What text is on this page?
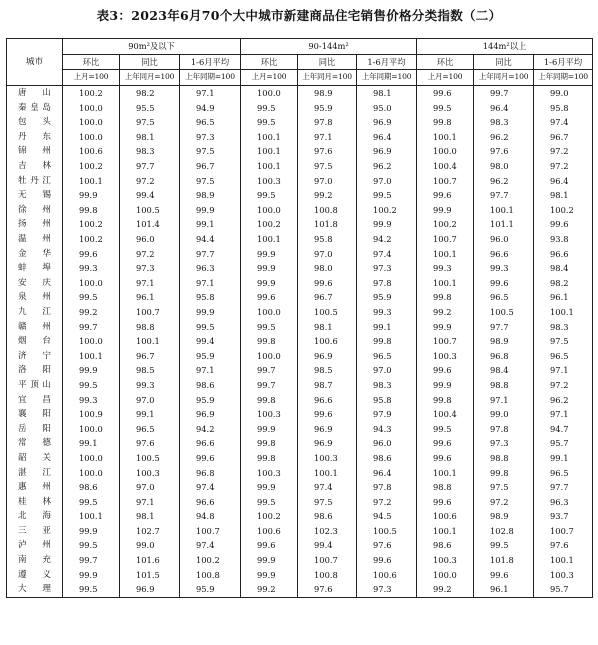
表3：2023年6月70个大中城市新建商品住宅销售价格分类指数（二）
城市	90m²及以下			90-144m²			144m²以上		
	环比	同比	1-6月平均	环比	同比	1-6月平均	环比	同比	1-6月平均
	上月=100	上年同月=100	上年同期=100	上月=100	上年同月=100	上年同期=100	上月=100	上年同月=100	上年同期=100
唐山	100.2	98.2	97.1	100.0	98.9	98.1	99.6	99.7	99.0
秦皇岛	100.0	95.5	94.9	99.5	95.9	95.0	99.5	96.4	95.8
包头	100.0	97.5	96.5	99.5	97.8	96.9	99.8	98.3	97.4
丹东	100.0	98.1	97.3	100.1	97.1	96.4	100.1	96.2	96.7
锦州	100.6	98.3	97.5	100.1	97.6	96.9	100.0	97.6	97.2
吉林	100.2	97.7	96.7	100.1	97.5	96.2	100.4	98.0	97.2
牡丹江	100.1	97.2	97.5	100.3	97.0	97.0	100.7	96.2	96.4
无锡	99.9	99.4	98.9	99.5	99.2	99.5	99.6	97.7	98.1
徐州	99.8	100.5	99.9	100.0	100.8	100.2	99.9	100.1	100.2
扬州	100.2	101.4	99.1	100.2	101.8	99.9	100.2	101.1	99.6
温州	100.2	96.0	94.4	100.1	95.8	94.2	100.7	96.0	93.8
金华	99.6	97.2	97.7	99.9	97.0	97.4	100.1	96.6	96.6
蚌埠	99.3	97.3	96.3	99.9	98.0	97.3	99.3	99.3	98.4
安庆	100.0	97.1	97.1	99.9	99.6	97.8	100.1	99.6	98.2
泉州	99.5	96.1	95.8	99.6	96.7	95.9	99.8	96.5	96.1
九江	99.2	100.7	99.9	100.0	100.5	99.3	99.2	100.5	100.1
赣州	99.7	98.8	99.5	99.5	98.1	99.1	99.9	97.7	98.3
烟台	100.0	100.1	99.4	99.8	100.6	99.8	100.7	98.9	97.5
济宁	100.1	96.7	95.9	100.0	96.9	96.5	100.3	96.8	96.5
洛阳	99.9	98.5	97.1	99.7	98.5	97.0	99.6	98.4	97.1
平顶山	99.5	99.3	98.6	99.7	98.7	98.3	99.9	98.8	97.2
宜昌	99.3	97.0	95.9	99.8	96.6	95.8	99.8	97.1	96.2
襄阳	100.9	99.1	96.9	100.3	99.6	97.9	100.4	99.0	97.1
岳阳	100.0	96.5	94.2	99.9	96.9	94.3	99.5	97.8	94.7
常德	99.1	97.6	96.6	99.8	96.9	96.0	99.6	97.3	95.7
韶关	100.0	100.5	99.6	99.8	100.3	98.6	99.6	98.8	99.1
湛江	100.0	100.3	96.8	100.3	100.1	96.4	100.1	99.8	96.5
惠州	98.6	97.0	97.4	99.9	97.4	97.8	98.8	97.5	97.7
桂林	99.5	97.1	96.6	99.5	97.5	97.2	99.6	97.2	96.3
北海	100.1	98.1	94.8	100.2	98.6	94.5	100.6	98.9	93.7
三亚	99.9	102.7	100.7	100.6	102.3	100.5	100.1	102.8	100.7
泸州	99.5	99.0	97.4	99.6	99.4	97.6	98.6	99.5	97.6
南充	99.7	101.6	100.2	99.9	100.7	99.6	100.3	101.8	100.1
遵义	99.9	101.5	100.8	99.9	100.8	100.6	100.0	99.6	100.3
大理	99.5	96.9	95.9	99.2	97.6	97.3	99.2	96.1	95.7
